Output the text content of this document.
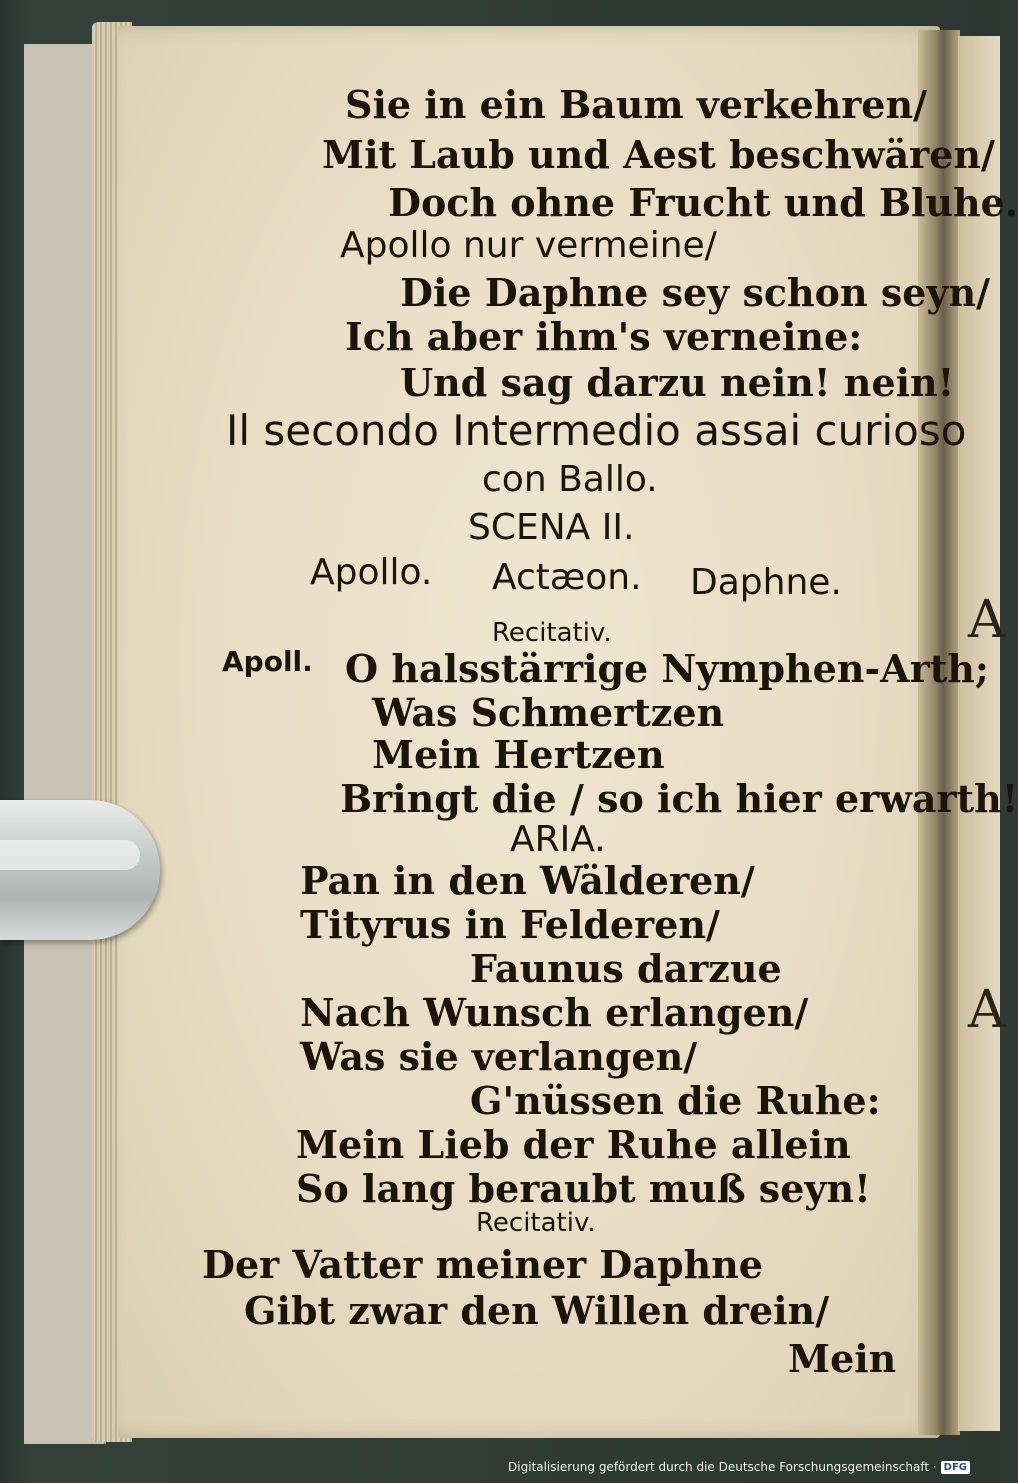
A
A
Sie in ein Baum verkehren/
Mit Laub und Aest beschwären/
Doch ohne Frucht und Bluhe.
Apollo nur vermeine/
Die Daphne sey schon seyn/
Ich aber ihm's verneine:
Und sag darzu nein! nein!
Il secondo Intermedio assai curioso
con Ballo.
SCENA II.
Apollo. Actæon. Daphne.
Recitativ.
Apoll. O halsstärrige Nymphen-Arth;
Was Schmertzen
Mein Hertzen
Bringt die / so ich hier erwarth!
ARIA.
Pan in den Wälderen/
Tityrus in Felderen/
Faunus darzue
Nach Wunsch erlangen/
Was sie verlangen/
G'nüssen die Ruhe:
Mein Lieb der Ruhe allein
So lang beraubt muß seyn!
Recitativ.
Der Vatter meiner Daphne
Gibt zwar den Willen drein/
Mein
Digitalisierung gefördert durch die Deutsche Forschungsgemeinschaft · DFG
